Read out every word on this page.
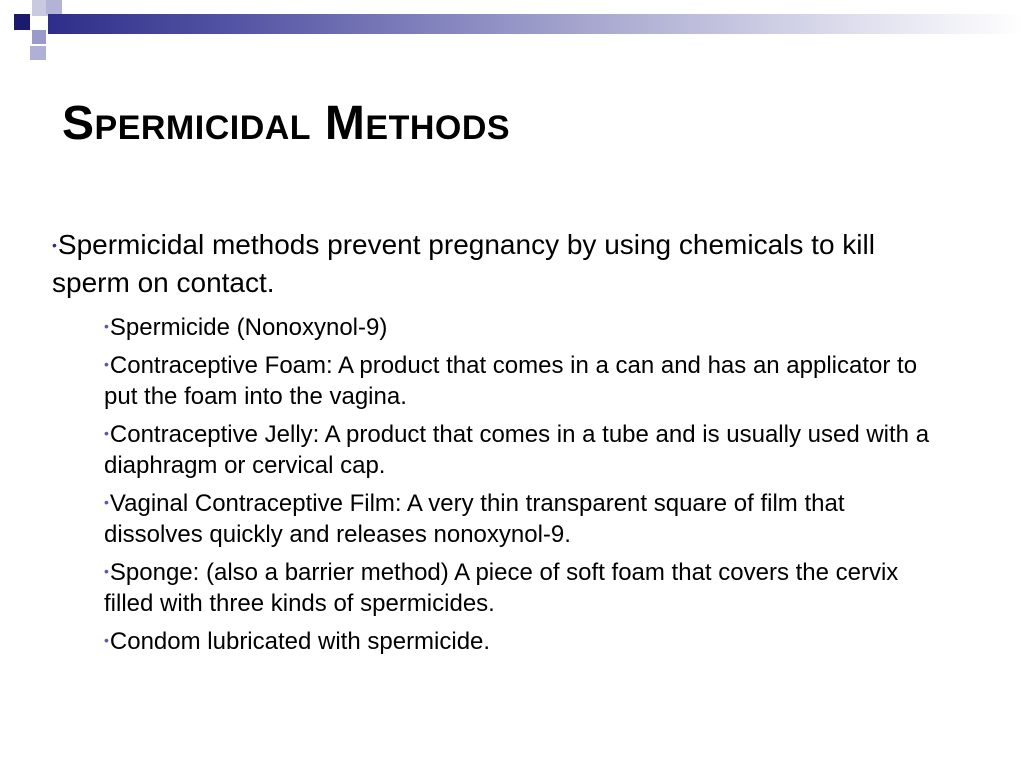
Spermicidal Methods

•Spermicidal methods prevent pregnancy by using chemicals to kill sperm on contact.

•Spermicide (Nonoxynol-9)

•Contraceptive Foam: A product that comes in a can and has an applicator to put the foam into the vagina.

•Contraceptive Jelly: A product that comes in a tube and is usually used with a diaphragm or cervical cap.

•Vaginal Contraceptive Film: A very thin transparent square of film that dissolves quickly and releases nonoxynol-9.

•Sponge: (also a barrier method) A piece of soft foam that covers the cervix filled with three kinds of spermicides.

•Condom lubricated with spermicide.
